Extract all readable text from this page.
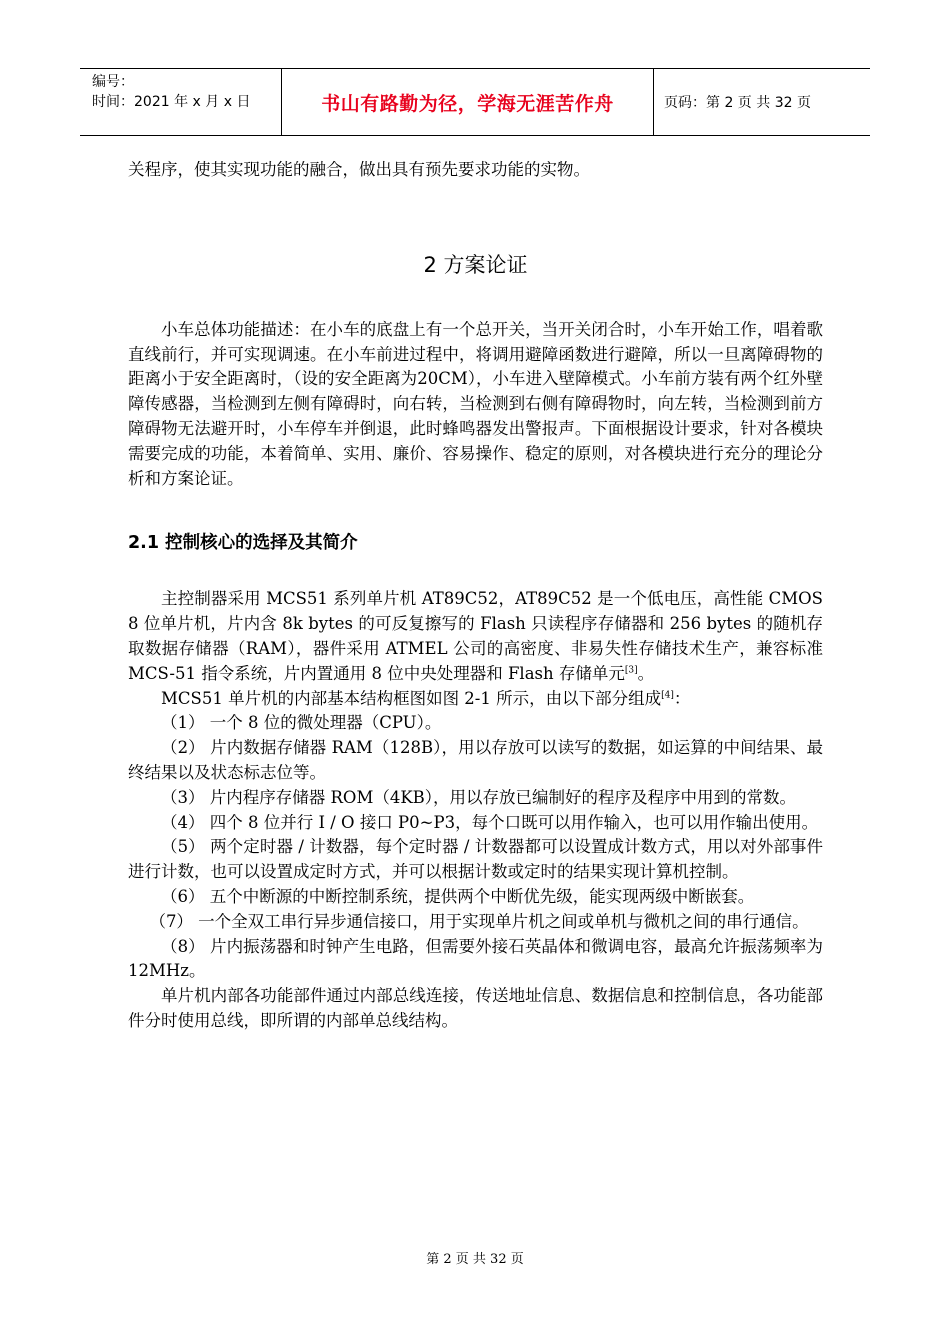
编号：
时间：2021 年 x 月 x 日	书山有路勤为径，学海无涯苦作舟	页码：第 2 页 共 32 页

关程序，使其实现功能的融合，做出具有预先要求功能的实物。

2 方案论证

小车总体功能描述：在小车的底盘上有一个总开关，当开关闭合时，小车开始工作，唱着歌直线前行，并可实现调速。在小车前进过程中，将调用避障函数进行避障，所以一旦离障碍物的距离小于安全距离时，（设的安全距离为20CM），小车进入壁障模式。小车前方装有两个红外壁障传感器，当检测到左侧有障碍时，向右转，当检测到右侧有障碍物时，向左转，当检测到前方障碍物无法避开时，小车停车并倒退，此时蜂鸣器发出警报声。下面根据设计要求，针对各模块需要完成的功能，本着简单、实用、廉价、容易操作、稳定的原则，对各模块进行充分的理论分析和方案论证。

2.1 控制核心的选择及其简介

主控制器采用 MCS51 系列单片机 AT89C52，AT89C52 是一个低电压，高性能 CMOS 8 位单片机，片内含 8k bytes 的可反复擦写的 Flash 只读程序存储器和 256 bytes 的随机存取数据存储器（RAM），器件采用 ATMEL 公司的高密度、非易失性存储技术生产，兼容标准 MCS-51 指令系统，片内置通用 8 位中央处理器和 Flash 存储单元[3]。

MCS51 单片机的内部基本结构框图如图 2-1 所示，由以下部分组成[4]：

（1） 一个 8 位的微处理器（CPU）。

（2） 片内数据存储器 RAM（128B），用以存放可以读写的数据，如运算的中间结果、最终结果以及状态标志位等。

（3） 片内程序存储器 ROM（4KB），用以存放已编制好的程序及程序中用到的常数。

（4） 四个 8 位并行 I / O 接口 P0~P3，每个口既可以用作输入，也可以用作输出使用。

（5） 两个定时器 / 计数器，每个定时器 / 计数器都可以设置成计数方式，用以对外部事件进行计数，也可以设置成定时方式，并可以根据计数或定时的结果实现计算机控制。

（6） 五个中断源的中断控制系统，提供两个中断优先级，能实现两级中断嵌套。

（7） 一个全双工串行异步通信接口，用于实现单片机之间或单机与微机之间的串行通信。

（8） 片内振荡器和时钟产生电路，但需要外接石英晶体和微调电容，最高允许振荡频率为 12MHz。

单片机内部各功能部件通过内部总线连接，传送地址信息、数据信息和控制信息，各功能部件分时使用总线，即所谓的内部单总线结构。

第 2 页 共 32 页
